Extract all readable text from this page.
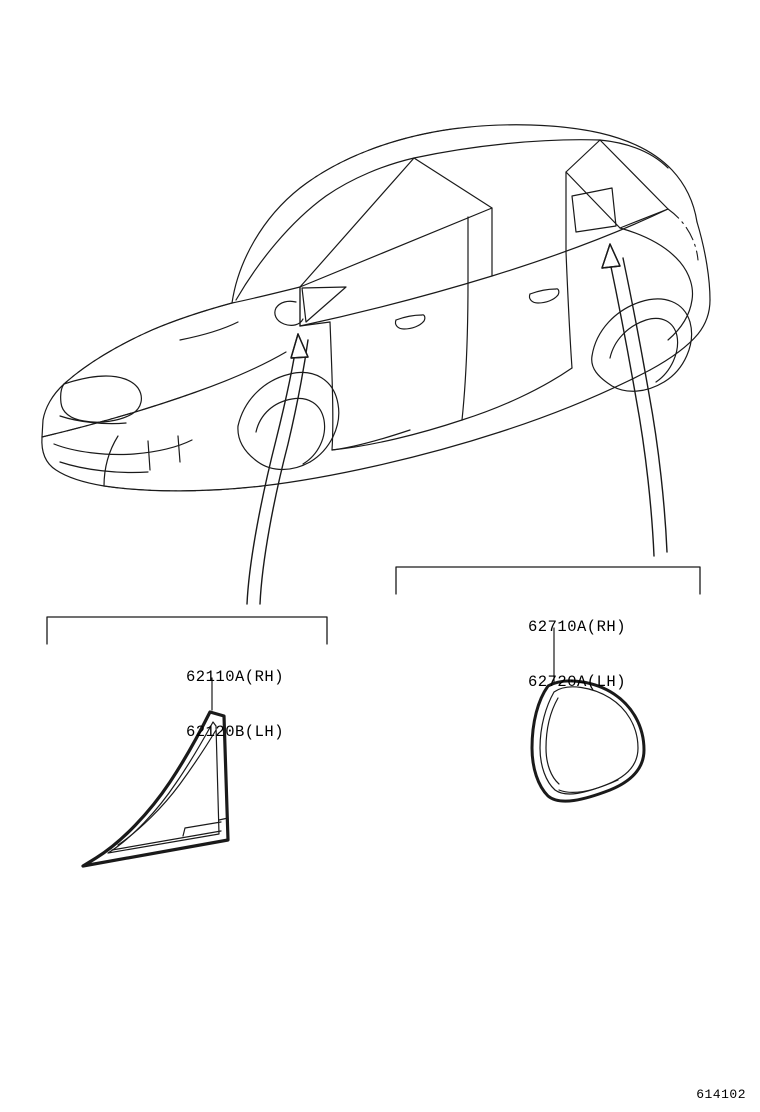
62110A(RH)

62120B(LH)

62710A(RH)

62720A(LH)

614102
